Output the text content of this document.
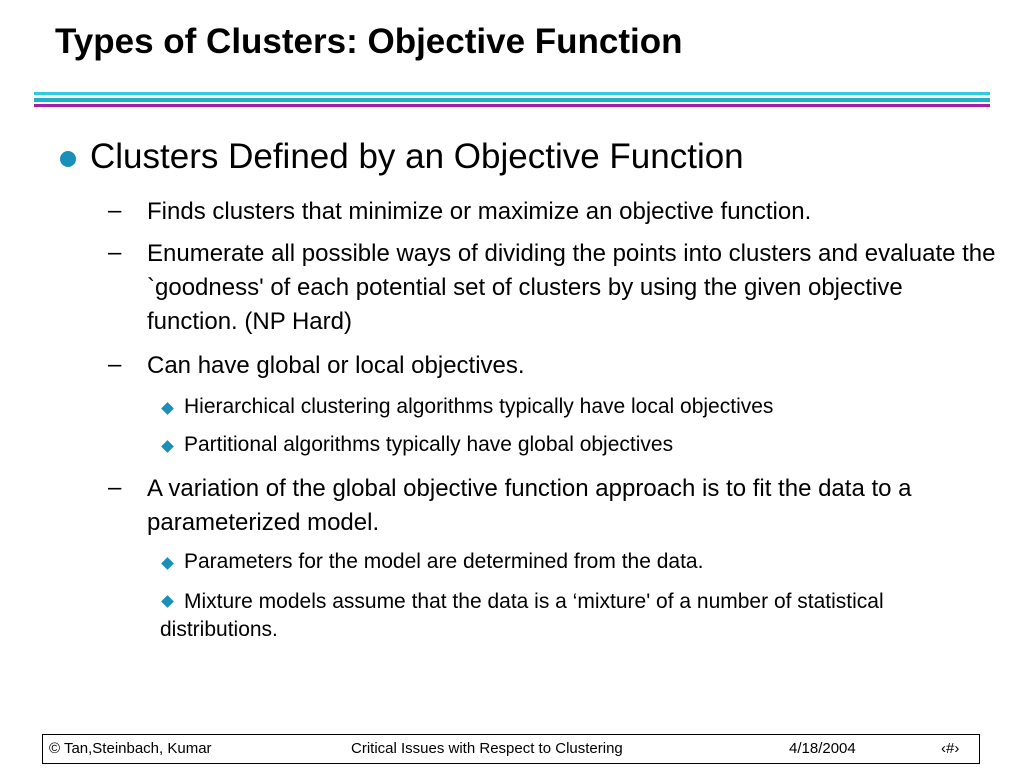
Types of Clusters: Objective Function
Clusters Defined by an Objective Function
– Finds clusters that minimize or maximize an objective function.
– Enumerate all possible ways of dividing the points into clusters and evaluate the `goodness' of each potential set of clusters by using the given objective function. (NP Hard)
– Can have global or local objectives.
Hierarchical clustering algorithms typically have local objectives
Partitional algorithms typically have global objectives
– A variation of the global objective function approach is to fit the data to a parameterized model.
Parameters for the model are determined from the data.
Mixture models assume that the data is a ‘mixture' of a number of statistical distributions.
© Tan,Steinbach, Kumar	Critical Issues with Respect to Clustering	4/18/2004	‹#›
